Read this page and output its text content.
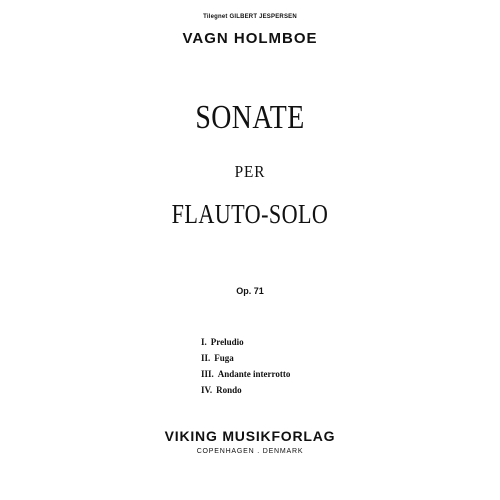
Tilegnet GILBERT JESPERSEN
VAGN HOLMBOE
SONATE
PER
FLAUTO-SOLO
Op. 71
I. Preludio
II. Fuga
III. Andante interrotto
IV. Rondo
VIKING MUSIKFORLAG
COPENHAGEN . DENMARK
